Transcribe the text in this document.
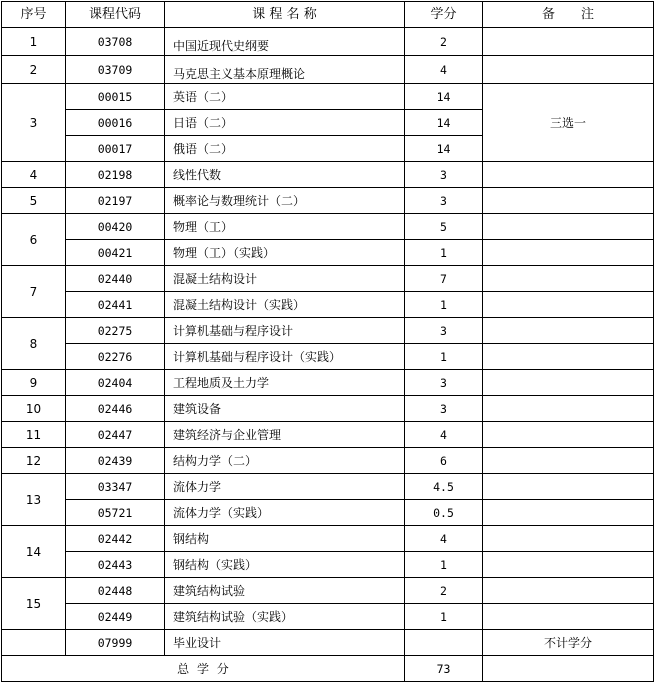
序号	课程代码	课 程 名 称	学分	备　　注
1	03708	中国近现代史纲要	2	
2	03709	马克思主义基本原理概论	4	
3	00015	英语（二）	14	三选一
	00016	日语（二）	14	
	00017	俄语（二）	14	
4	02198	线性代数	3	
5	02197	概率论与数理统计（二）	3	
6	00420	物理（工）	5	
	00421	物理（工）（实践）	1	
7	02440	混凝土结构设计	7	
	02441	混凝土结构设计（实践）	1	
8	02275	计算机基础与程序设计	3	
	02276	计算机基础与程序设计（实践）	1	
9	02404	工程地质及土力学	3	
10	02446	建筑设备	3	
11	02447	建筑经济与企业管理	4	
12	02439	结构力学（二）	6	
13	03347	流体力学	4.5	
	05721	流体力学（实践）	0.5	
14	02442	钢结构	4	
	02443	钢结构（实践）	1	
15	02448	建筑结构试验	2	
	02449	建筑结构试验（实践）	1	
	07999	毕业设计		不计学分
总 学 分			73	
